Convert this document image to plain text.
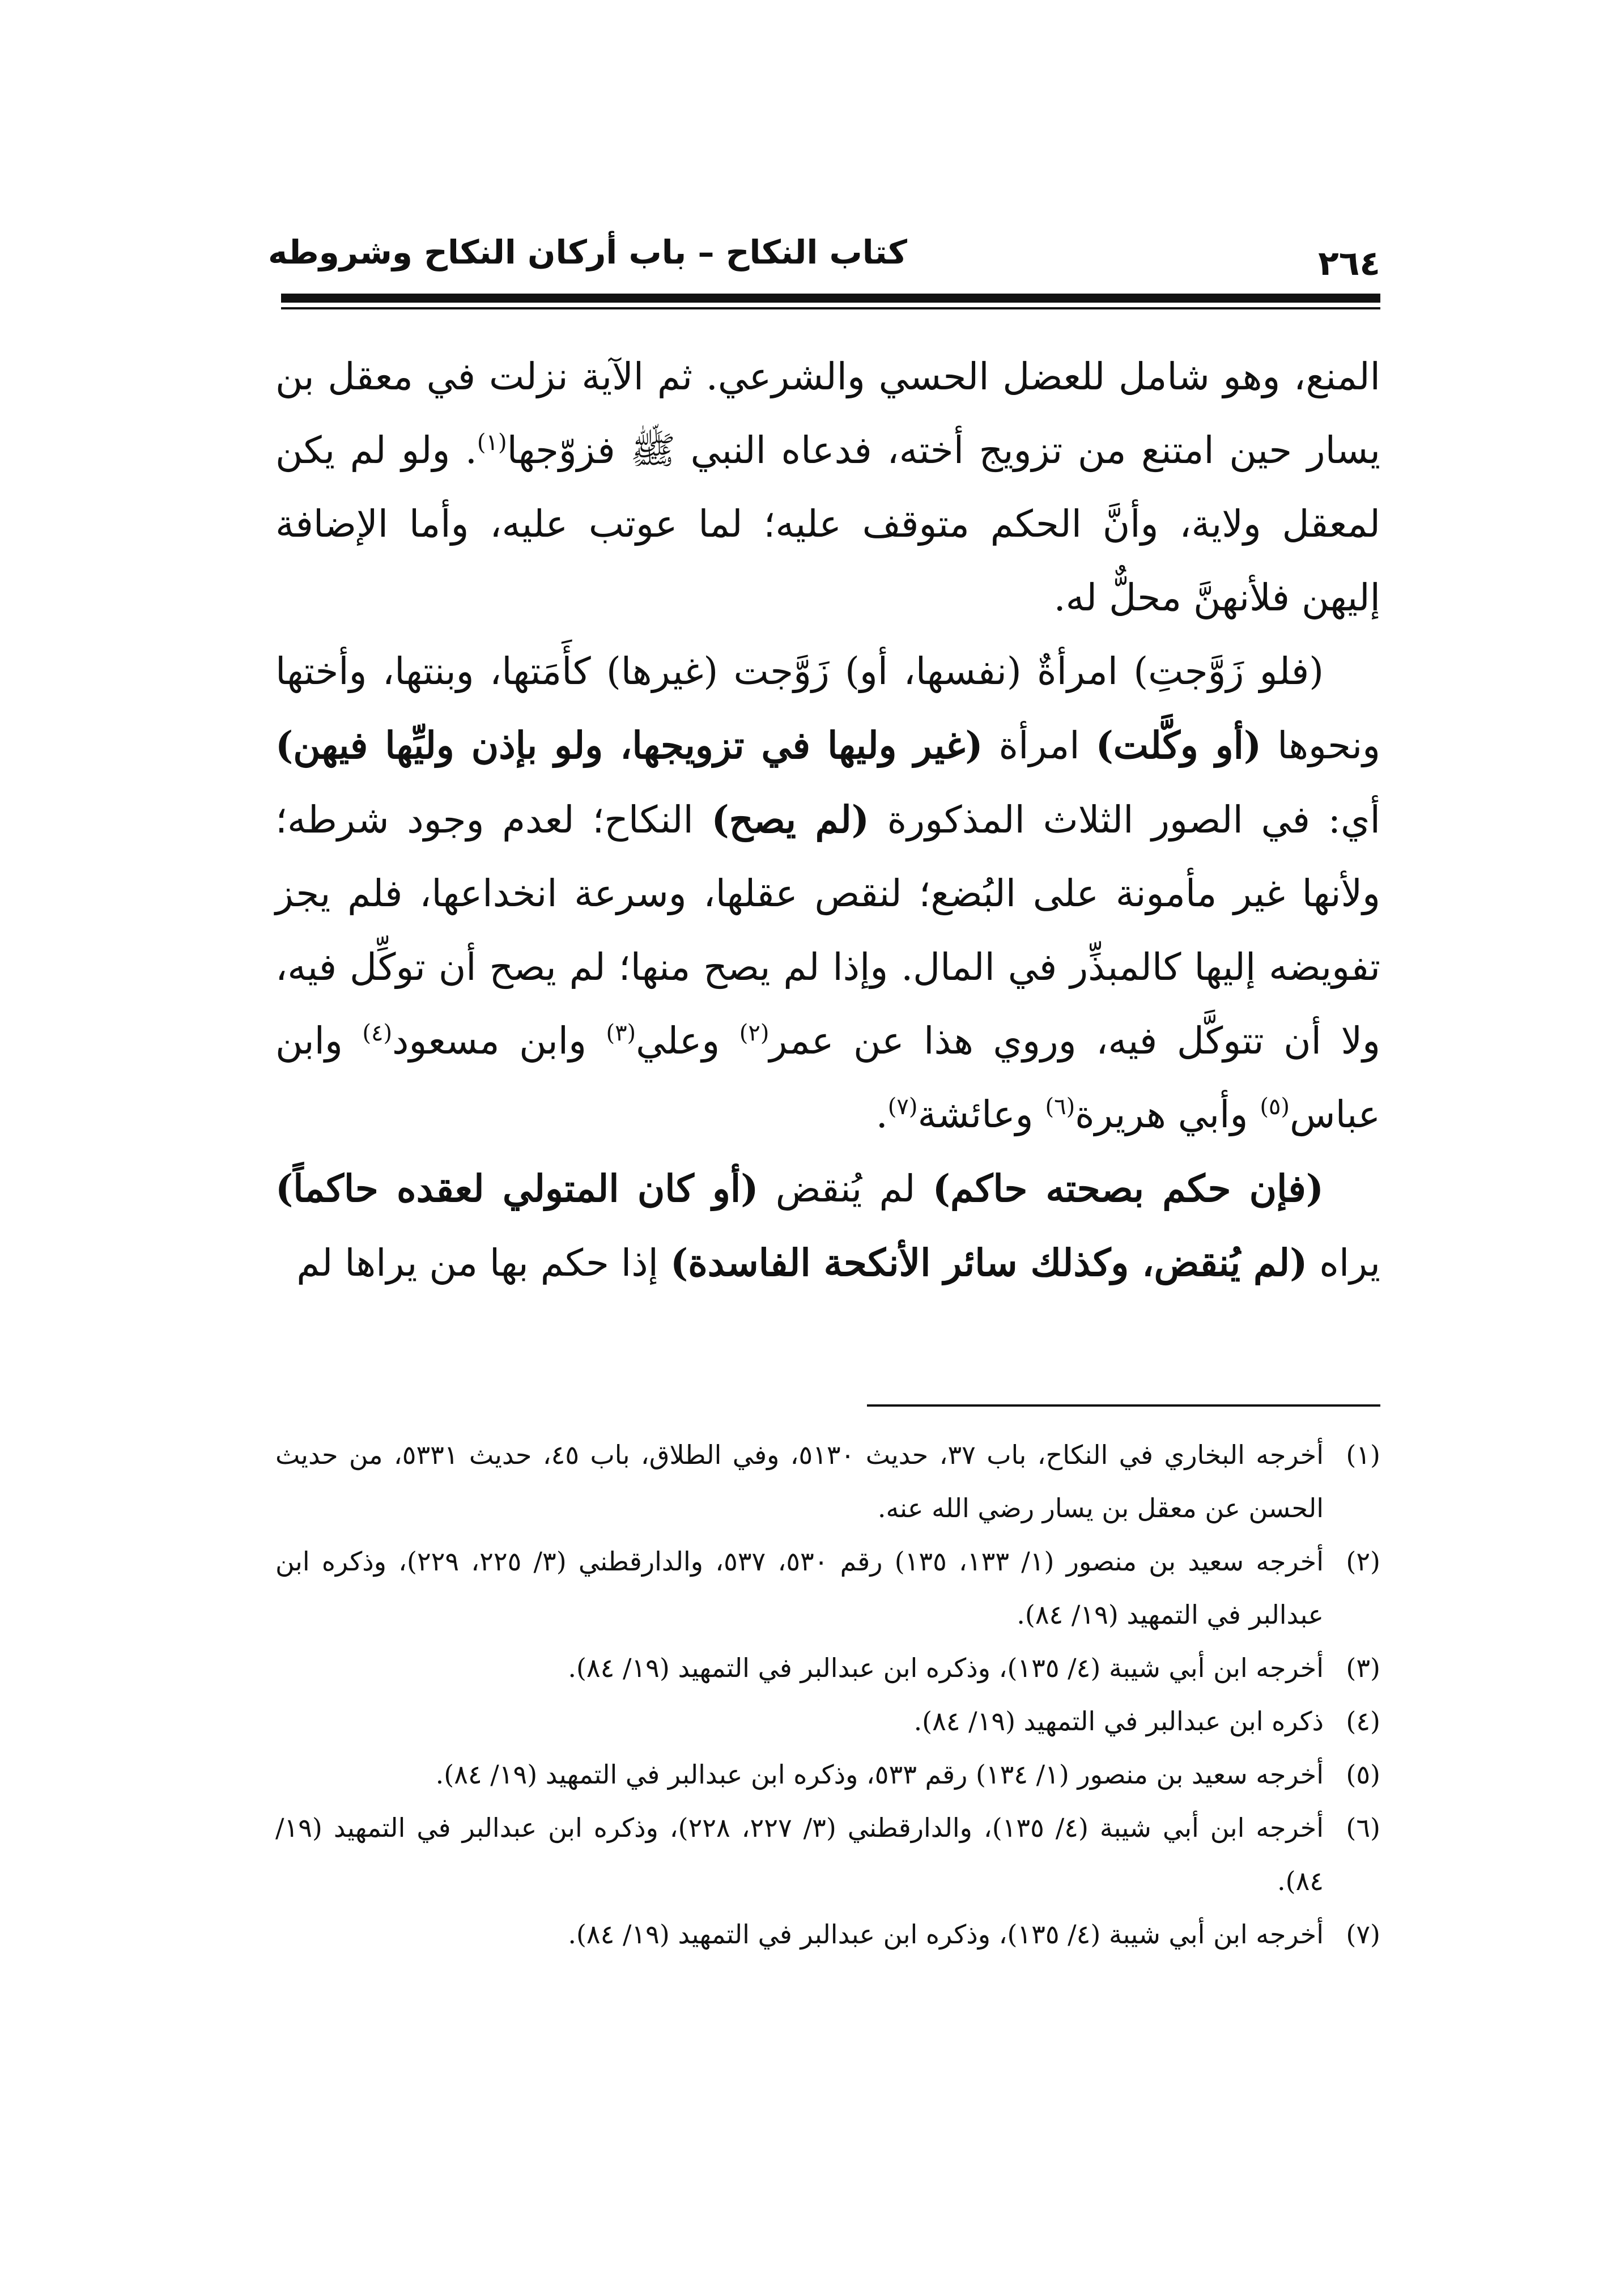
كتاب النكاح – باب أركان النكاح وشروطه	٢٦٤

المنع، وهو شامل للعضل الحسي والشرعي. ثم الآية نزلت في معقل بن يسار حين امتنع من تزويج أخته، فدعاه النبي ﷺ فزوّجها$^{(١)}$. ولو لم يكن لمعقل ولاية، وأنَّ الحكم متوقف عليه؛ لما عوتب عليه، وأما الإضافة إليهن فلأنهنَّ محلٌّ له.

(فلو زَوَّجتِ) امرأةٌ (نفسها، أو) زَوَّجت (غيرها) كأَمَتها، وبنتها، وأختها ونحوها (أو وكَّلت) امرأة (غير وليها في تزويجها، ولو بإذن وليِّها فيهن) أي: في الصور الثلاث المذكورة (لم يصح) النكاح؛ لعدم وجود شرطه؛ ولأنها غير مأمونة على البُضع؛ لنقص عقلها، وسرعة انخداعها، فلم يجز تفويضه إليها كالمبذِّر في المال. وإذا لم يصح منها؛ لم يصح أن توكِّل فيه، ولا أن تتوكَّل فيه، وروي هذا عن عمر$^{(٢)}$ وعلي$^{(٣)}$ وابن مسعود$^{(٤)}$ وابن عباس$^{(٥)}$ وأبي هريرة$^{(٦)}$ وعائشة$^{(٧)}$.

(فإن حكم بصحته حاكم) لم يُنقض (أو كان المتولي لعقده حاكماً) يراه (لم يُنقض، وكذلك سائر الأنكحة الفاسدة) إذا حكم بها من يراها لم

(١)
أخرجه البخاري في النكاح، باب ٣٧، حديث ٥١٣٠، وفي الطلاق، باب ٤٥، حديث ٥٣٣١، من حديث الحسن عن معقل بن يسار رضي الله عنه.

(٢)
أخرجه سعيد بن منصور (١/ ١٣٣، ١٣٥) رقم ٥٣٠، ٥٣٧، والدارقطني (٣/ ٢٢٥، ٢٢٩)، وذكره ابن عبدالبر في التمهيد (١٩/ ٨٤).

(٣)
أخرجه ابن أبي شيبة (٤/ ١٣٥)، وذكره ابن عبدالبر في التمهيد (١٩/ ٨٤).

(٤)
ذكره ابن عبدالبر في التمهيد (١٩/ ٨٤).

(٥)
أخرجه سعيد بن منصور (١/ ١٣٤) رقم ٥٣٣، وذكره ابن عبدالبر في التمهيد (١٩/ ٨٤).

(٦)
أخرجه ابن أبي شيبة (٤/ ١٣٥)، والدارقطني (٣/ ٢٢٧، ٢٢٨)، وذكره ابن عبدالبر في التمهيد (١٩/ ٨٤).

(٧)
أخرجه ابن أبي شيبة (٤/ ١٣٥)، وذكره ابن عبدالبر في التمهيد (١٩/ ٨٤).
